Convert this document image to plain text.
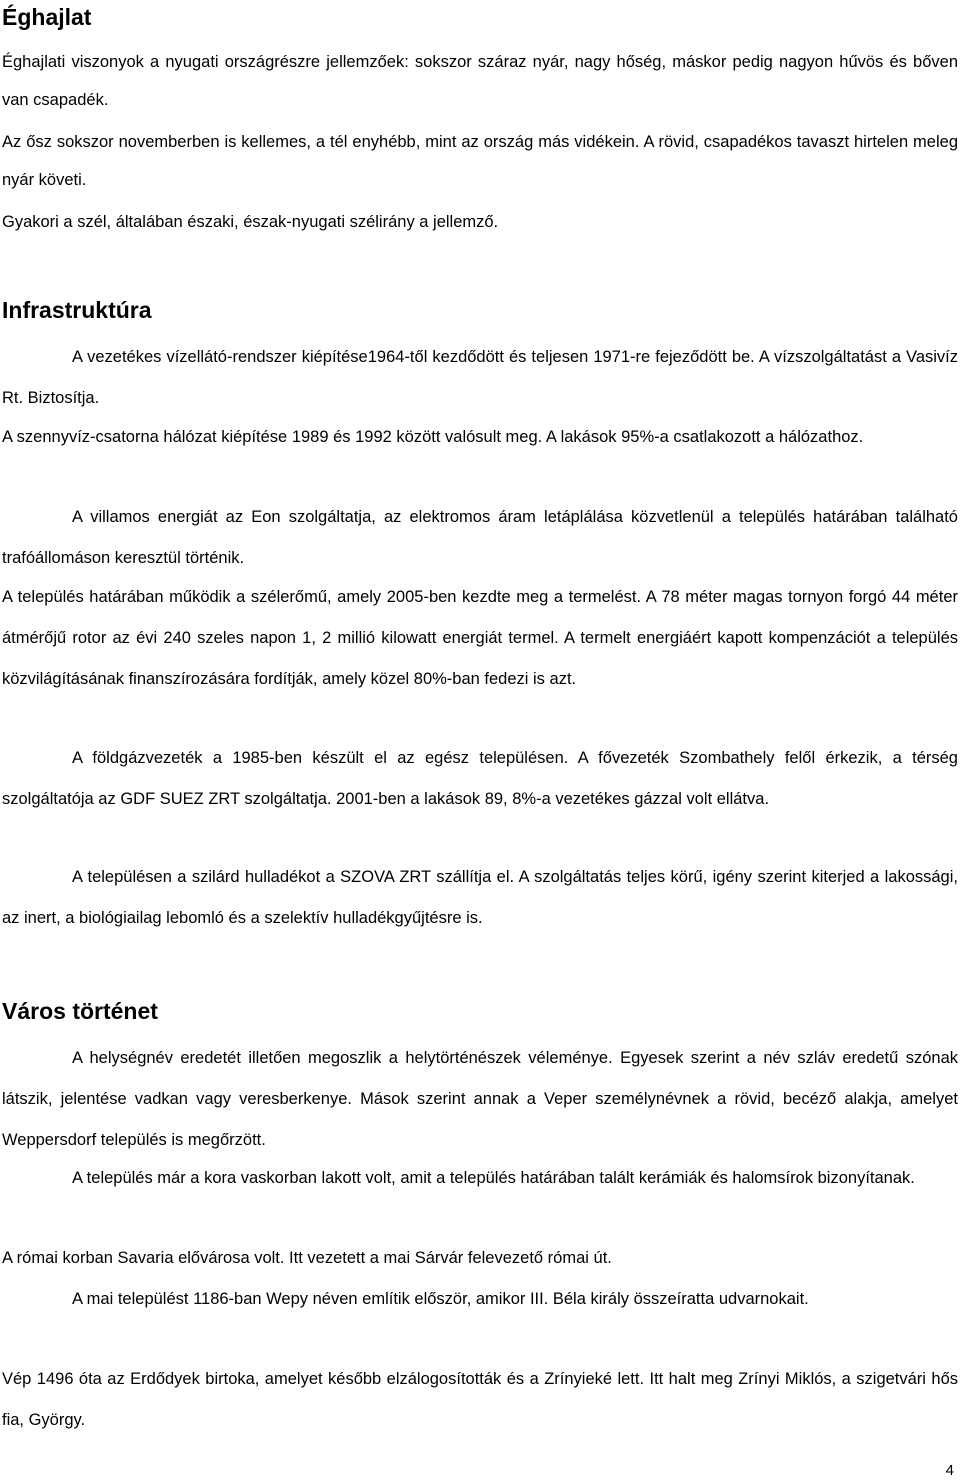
Éghajlat

Éghajlati viszonyok a nyugati országrészre jellemzőek: sokszor száraz nyár, nagy hőség, máskor pedig nagyon hűvös és bőven van csapadék.

Az ősz sokszor novemberben is kellemes, a tél enyhébb, mint az ország más vidékein. A rövid, csapadékos tavaszt hirtelen meleg nyár követi.

Gyakori a szél, általában északi, észak-nyugati szélirány a jellemző.

Infrastruktúra

A vezetékes vízellátó-rendszer kiépítése1964-től kezdődött és teljesen 1971-re fejeződött be. A vízszolgáltatást a Vasivíz Rt. Biztosítja.

A szennyvíz-csatorna hálózat kiépítése 1989 és 1992 között valósult meg. A lakások 95%-a csatlakozott a hálózathoz.

A villamos energiát az Eon szolgáltatja, az elektromos áram letáplálása közvetlenül a település határában található trafóállomáson keresztül történik.

A település határában működik a szélerőmű, amely 2005-ben kezdte meg a termelést. A 78 méter magas tornyon forgó 44 méter átmérőjű rotor az évi 240 szeles napon 1, 2 millió kilowatt energiát termel. A termelt energiáért kapott kompenzációt a település közvilágításának finanszírozására fordítják, amely közel 80%-ban fedezi is azt.

A földgázvezeték a 1985-ben készült el az egész településen. A fővezeték Szombathely felől érkezik, a térség szolgáltatója az GDF SUEZ ZRT szolgáltatja. 2001-ben a lakások 89, 8%-a vezetékes gázzal volt ellátva.

A településen a szilárd hulladékot a SZOVA ZRT szállítja el. A szolgáltatás teljes körű, igény szerint kiterjed a lakossági, az inert, a biológiailag lebomló és a szelektív hulladékgyűjtésre is.

Város történet

A helységnév eredetét illetően megoszlik a helytörténészek véleménye. Egyesek szerint a név szláv eredetű szónak látszik, jelentése vadkan vagy veresberkenye. Mások szerint annak a Veper személynévnek a rövid, becéző alakja, amelyet Weppersdorf település is megőrzött.

A település már a kora vaskorban lakott volt, amit a település határában talált kerámiák és halomsírok bizonyítanak.

A római korban Savaria elővárosa volt. Itt vezetett a mai Sárvár felevezető római út.

A mai települést 1186-ban Wepy néven említik először, amikor III. Béla király összeíratta udvarnokait.

Vép 1496 óta az Erdődyek birtoka, amelyet később elzálogosították és a Zrínyieké lett. Itt halt meg Zrínyi Miklós, a szigetvári hős fia, György.

4
